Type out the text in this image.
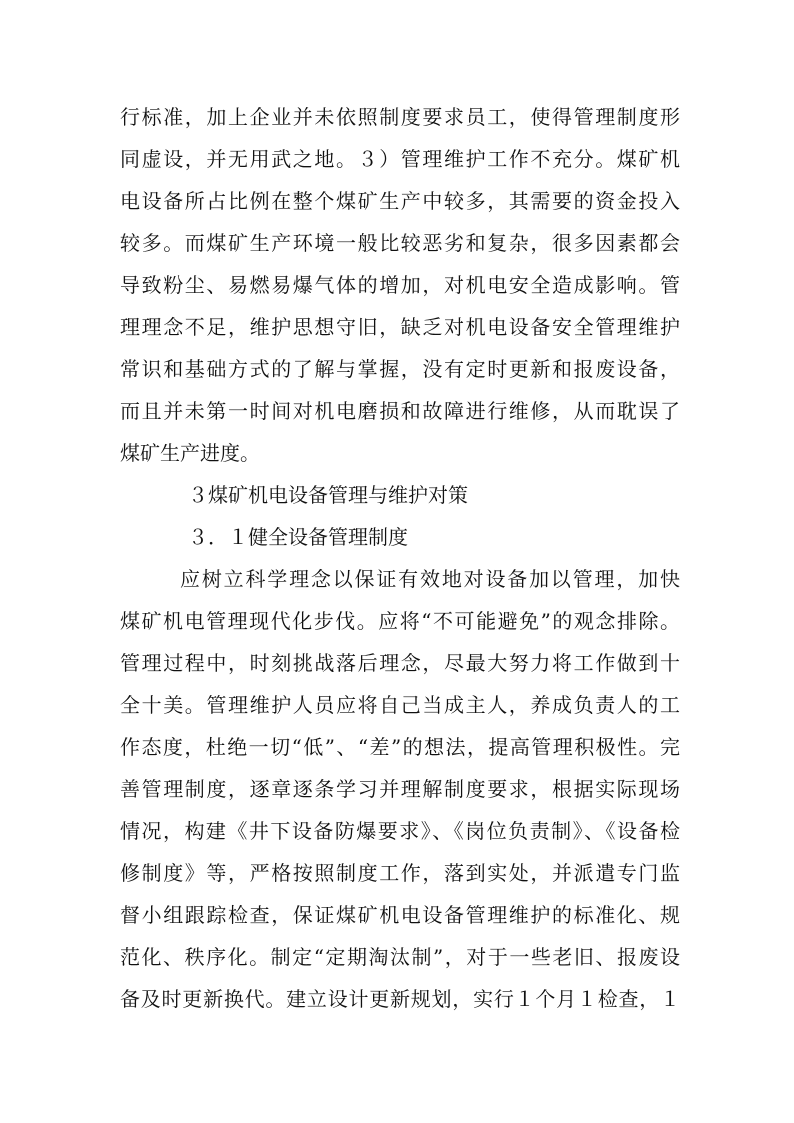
行标准，加上企业并未依照制度要求员工，使得管理制度形
同虚设，并无用武之地。３）管理维护工作不充分。煤矿机
电设备所占比例在整个煤矿生产中较多，其需要的资金投入
较多。而煤矿生产环境一般比较恶劣和复杂，很多因素都会
导致粉尘、易燃易爆气体的增加，对机电安全造成影响。管
理理念不足，维护思想守旧，缺乏对机电设备安全管理维护
常识和基础方式的了解与掌握，没有定时更新和报废设备，
而且并未第一时间对机电磨损和故障进行维修，从而耽误了
煤矿生产进度。
３煤矿机电设备管理与维护对策
３．１健全设备管理制度
应树立科学理念以保证有效地对设备加以管理，加快
煤矿机电管理现代化步伐。应将“不可能避免”的观念排除。
管理过程中，时刻挑战落后理念，尽最大努力将工作做到十
全十美。管理维护人员应将自己当成主人，养成负责人的工
作态度，杜绝一切“低”、“差”的想法，提高管理积极性。完
善管理制度，逐章逐条学习并理解制度要求，根据实际现场
情况，构建《井下设备防爆要求》、《岗位负责制》、《设备检
修制度》等，严格按照制度工作，落到实处，并派遣专门监
督小组跟踪检查，保证煤矿机电设备管理维护的标准化、规
范化、秩序化。制定“定期淘汰制”，对于一些老旧、报废设
备及时更新换代。建立设计更新规划，实行１个月１检查，１
